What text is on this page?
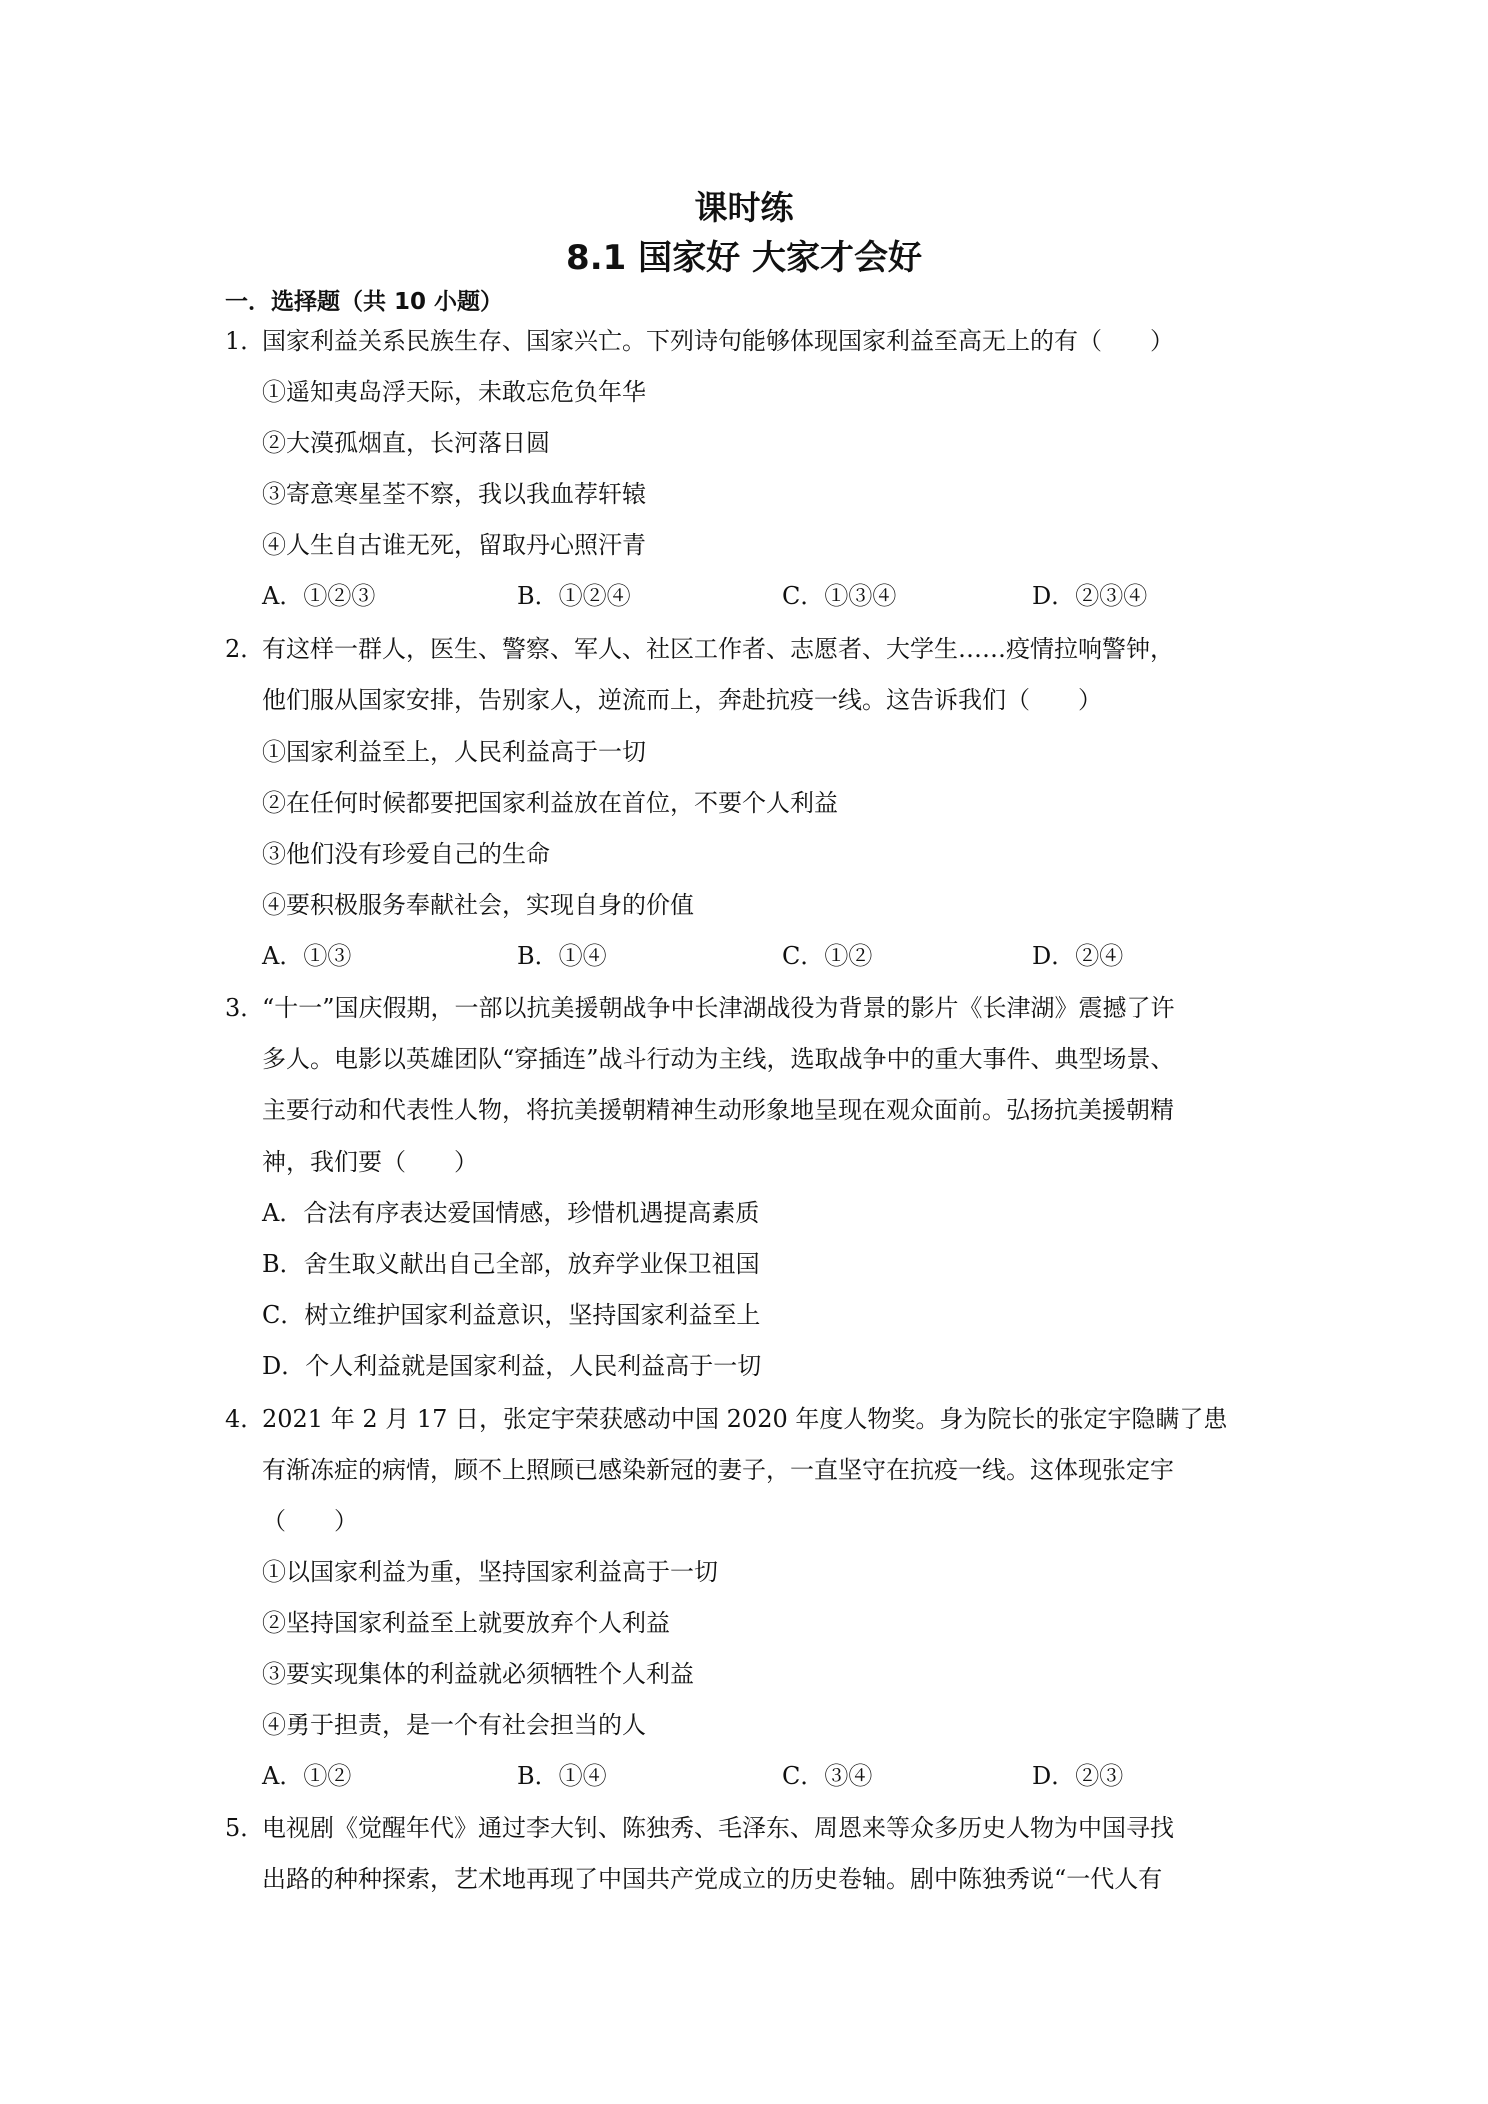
课时练
8.1 国家好 大家才会好
一．选择题（共 10 小题）
1．
国家利益关系民族生存、国家兴亡。下列诗句能够体现国家利益至高无上的有（　　）
①遥知夷岛浮天际，未敢忘危负年华
②大漠孤烟直，长河落日圆
③寄意寒星荃不察，我以我血荐轩辕
④人生自古谁无死，留取丹心照汗青
A．①②③	B．①②④	C．①③④	D．②③④
2．
有这样一群人，医生、警察、军人、社区工作者、志愿者、大学生……疫情拉响警钟，
他们服从国家安排，告别家人，逆流而上，奔赴抗疫一线。这告诉我们（　　）
①国家利益至上，人民利益高于一切
②在任何时候都要把国家利益放在首位，不要个人利益
③他们没有珍爱自己的生命
④要积极服务奉献社会，实现自身的价值
A．①③	B．①④	C．①②	D．②④
3．
“十一”国庆假期，一部以抗美援朝战争中长津湖战役为背景的影片《长津湖》震撼了许
多人。电影以英雄团队“穿插连”战斗行动为主线，选取战争中的重大事件、典型场景、
主要行动和代表性人物，将抗美援朝精神生动形象地呈现在观众面前。弘扬抗美援朝精
神，我们要（　　）
A．合法有序表达爱国情感，珍惜机遇提高素质
B．舍生取义献出自己全部，放弃学业保卫祖国
C．树立维护国家利益意识，坚持国家利益至上
D．个人利益就是国家利益，人民利益高于一切
4．
2021 年 2 月 17 日，张定宇荣获感动中国 2020 年度人物奖。身为院长的张定宇隐瞒了患
有渐冻症的病情，顾不上照顾已感染新冠的妻子，一直坚守在抗疫一线。这体现张定宇
（　　）
①以国家利益为重，坚持国家利益高于一切
②坚持国家利益至上就要放弃个人利益
③要实现集体的利益就必须牺牲个人利益
④勇于担责，是一个有社会担当的人
A．①②	B．①④	C．③④	D．②③
5．
电视剧《觉醒年代》通过李大钊、陈独秀、毛泽东、周恩来等众多历史人物为中国寻找
出路的种种探索，艺术地再现了中国共产党成立的历史卷轴。剧中陈独秀说“一代人有
